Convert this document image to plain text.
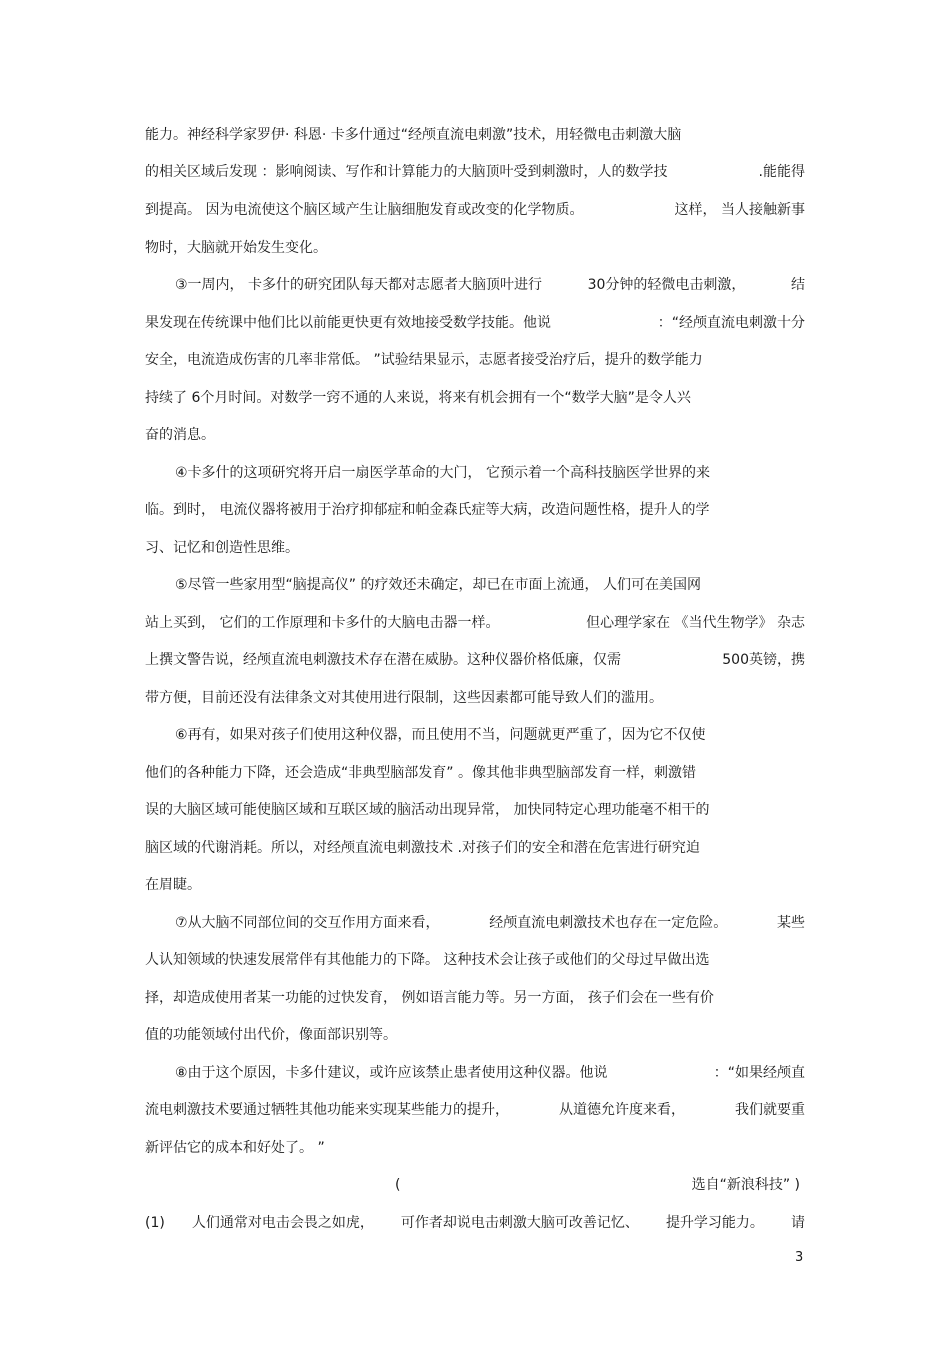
能力。神经科学家罗伊· 科恩· 卡多什通过“经颅直流电刺激”技术，用轻微电击刺激大脑
的相关区域后发现 ：影响阅读、写作和计算能力的大脑顶叶受到刺激时，人的数学技	.能能得
到提高。 因为电流使这个脑区域产生让脑细胞发育或改变的化学物质。	这样， 当人接触新事
物时，大脑就开始发生变化。
③一周内， 卡多什的研究团队每天都对志愿者大脑顶叶进行	30分钟的轻微电击刺激，	结
果发现在传统课中他们比以前能更快更有效地接受数学技能。他说	：“经颅直流电刺激十分
安全，电流造成伤害的几率非常低。 ”试验结果显示，志愿者接受治疗后，提升的数学能力
持续了 6个月时间。对数学一窍不通的人来说，将来有机会拥有一个“数学大脑”是令人兴
奋的消息。
④卡多什的这项研究将开启一扇医学革命的大门， 它预示着一个高科技脑医学世界的来
临。到时， 电流仪器将被用于治疗抑郁症和帕金森氏症等大病，改造问题性格，提升人的学
习、记忆和创造性思维。
⑤尽管一些家用型“脑提高仪” 的疗效还未确定，却已在市面上流通， 人们可在美国网
站上买到， 它们的工作原理和卡多什的大脑电击器一样。	但心理学家在 《当代生物学》 杂志
上撰文警告说，经颅直流电刺激技术存在潜在威胁。这种仪器价格低廉，仅需	500英镑，携
带方便，目前还没有法律条文对其使用进行限制，这些因素都可能导致人们的滥用。
⑥再有，如果对孩子们使用这种仪器，而且使用不当，问题就更严重了，因为它不仅使
他们的各种能力下降，还会造成“非典型脑部发育” 。像其他非典型脑部发育一样，刺激错
误的大脑区域可能使脑区域和互联区域的脑活动出现异常， 加快同特定心理功能毫不相干的
脑区域的代谢消耗。所以，对经颅直流电刺激技术 .对孩子们的安全和潜在危害进行研究迫
在眉睫。
⑦从大脑不同部位间的交互作用方面来看，	经颅直流电刺激技术也存在一定危险。	某些
人认知领域的快速发展常伴有其他能力的下降。 这种技术会让孩子或他们的父母过早做出选
择，却造成使用者某一功能的过快发育， 例如语言能力等。另一方面， 孩子们会在一些有价
值的功能领域付出代价，像面部识别等。
⑧由于这个原因，卡多什建议，或许应该禁止患者使用这种仪器。他说	：“如果经颅直
流电刺激技术要通过牺牲其他功能来实现某些能力的提升，	从道德允许度来看，	我们就要重
新评估它的成本和好处了。 ”
(	选自“新浪科技” )
(1) 人们通常对电击会畏之如虎， 可作者却说电击刺激大脑可改善记忆、 提升学习能力。 请
3
